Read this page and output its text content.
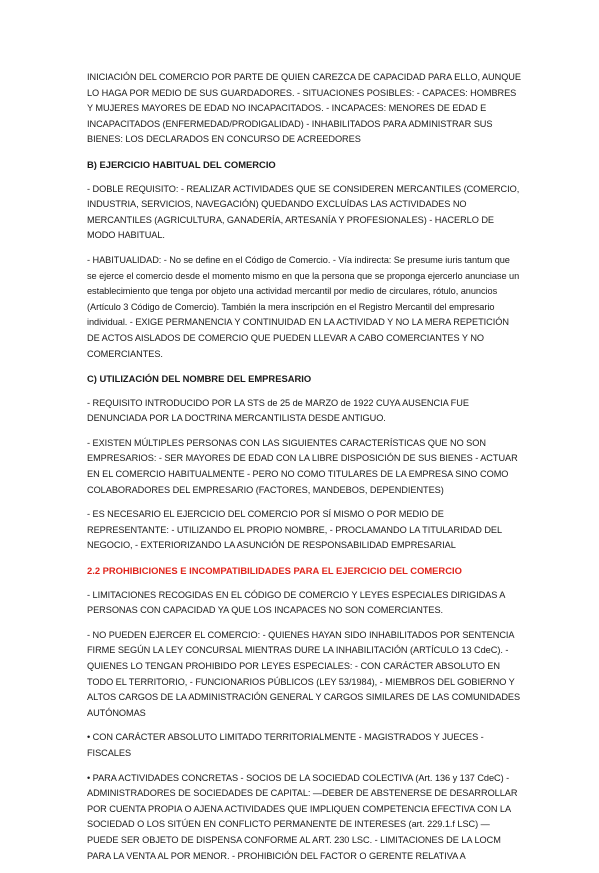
INICIACIÓN DEL COMERCIO POR PARTE DE QUIEN CAREZCA DE CAPACIDAD PARA ELLO, AUNQUE LO HAGA POR MEDIO DE SUS GUARDADORES. - SITUACIONES POSIBLES: - CAPACES: HOMBRES Y MUJERES MAYORES DE EDAD NO INCAPACITADOS. - INCAPACES: MENORES DE EDAD E INCAPACITADOS (ENFERMEDAD/PRODIGALIDAD) - INHABILITADOS PARA ADMINISTRAR SUS BIENES: LOS DECLARADOS EN CONCURSO DE ACREEDORES

B) EJERCICIO HABITUAL DEL COMERCIO

- DOBLE REQUISITO: - REALIZAR ACTIVIDADES QUE SE CONSIDEREN MERCANTILES (COMERCIO, INDUSTRIA, SERVICIOS, NAVEGACIÓN) QUEDANDO EXCLUÍDAS LAS ACTIVIDADES NO MERCANTILES (AGRICULTURA, GANADERÍA, ARTESANÍA Y PROFESIONALES) - HACERLO DE MODO HABITUAL.

- HABITUALIDAD: - No se define en el Código de Comercio. - Vía indirecta: Se presume iuris tantum que se ejerce el comercio desde el momento mismo en que la persona que se proponga ejercerlo anunciase un establecimiento que tenga por objeto una actividad mercantil por medio de circulares, rótulo, anuncios (Artículo 3 Código de Comercio). También la mera inscripción en el Registro Mercantil del empresario individual. - EXIGE PERMANENCIA Y CONTINUIDAD EN LA ACTIVIDAD Y NO LA MERA REPETICIÓN DE ACTOS AISLADOS DE COMERCIO QUE PUEDEN LLEVAR A CABO COMERCIANTES Y NO COMERCIANTES.

C) UTILIZACIÓN DEL NOMBRE DEL EMPRESARIO

- REQUISITO INTRODUCIDO POR LA STS de 25 de MARZO de 1922 CUYA AUSENCIA FUE DENUNCIADA POR LA DOCTRINA MERCANTILISTA DESDE ANTIGUO.

- EXISTEN MÚLTIPLES PERSONAS CON LAS SIGUIENTES CARACTERÍSTICAS QUE NO SON EMPRESARIOS: - SER MAYORES DE EDAD CON LA LIBRE DISPOSICIÓN DE SUS BIENES - ACTUAR EN EL COMERCIO HABITUALMENTE - PERO NO COMO TITULARES DE LA EMPRESA SINO COMO COLABORADORES DEL EMPRESARIO (FACTORES, MANDEBOS, DEPENDIENTES)

- ES NECESARIO EL EJERCICIO DEL COMERCIO POR SÍ MISMO O POR MEDIO DE REPRESENTANTE: - UTILIZANDO EL PROPIO NOMBRE, - PROCLAMANDO LA TITULARIDAD DEL NEGOCIO, - EXTERIORIZANDO LA ASUNCIÓN DE RESPONSABILIDAD EMPRESARIAL

2.2 PROHIBICIONES E INCOMPATIBILIDADES PARA EL EJERCICIO DEL COMERCIO

- LIMITACIONES RECOGIDAS EN EL CÓDIGO DE COMERCIO Y LEYES ESPECIALES DIRIGIDAS A PERSONAS CON CAPACIDAD YA QUE LOS INCAPACES NO SON COMERCIANTES.

- NO PUEDEN EJERCER EL COMERCIO: - QUIENES HAYAN SIDO INHABILITADOS POR SENTENCIA FIRME SEGÚN LA LEY CONCURSAL MIENTRAS DURE LA INHABILITACIÓN (ARTÍCULO 13 CdeC). - QUIENES LO TENGAN PROHIBIDO POR LEYES ESPECIALES: - CON CARÁCTER ABSOLUTO EN TODO EL TERRITORIO, - FUNCIONARIOS PÚBLICOS (LEY 53/1984), - MIEMBROS DEL GOBIERNO Y ALTOS CARGOS DE LA ADMINISTRACIÓN GENERAL Y CARGOS SIMILARES DE LAS COMUNIDADES AUTÓNOMAS

• CON CARÁCTER ABSOLUTO LIMITADO TERRITORIALMENTE - MAGISTRADOS Y JUECES - FISCALES

• PARA ACTIVIDADES CONCRETAS - SOCIOS DE LA SOCIEDAD COLECTIVA (Art. 136 y 137 CdeC) - ADMINISTRADORES DE SOCIEDADES DE CAPITAL: —DEBER DE ABSTENERSE DE DESARROLLAR POR CUENTA PROPIA O AJENA ACTIVIDADES QUE IMPLIQUEN COMPETENCIA EFECTIVA CON LA SOCIEDAD O LOS SITÚEN EN CONFLICTO PERMANENTE DE INTERESES (art. 229.1.f LSC) — PUEDE SER OBJETO DE DISPENSA CONFORME AL ART. 230 LSC. - LIMITACIONES DE LA LOCM PARA LA VENTA AL POR MENOR. - PROHIBICIÓN DEL FACTOR O GERENTE RELATIVA A
